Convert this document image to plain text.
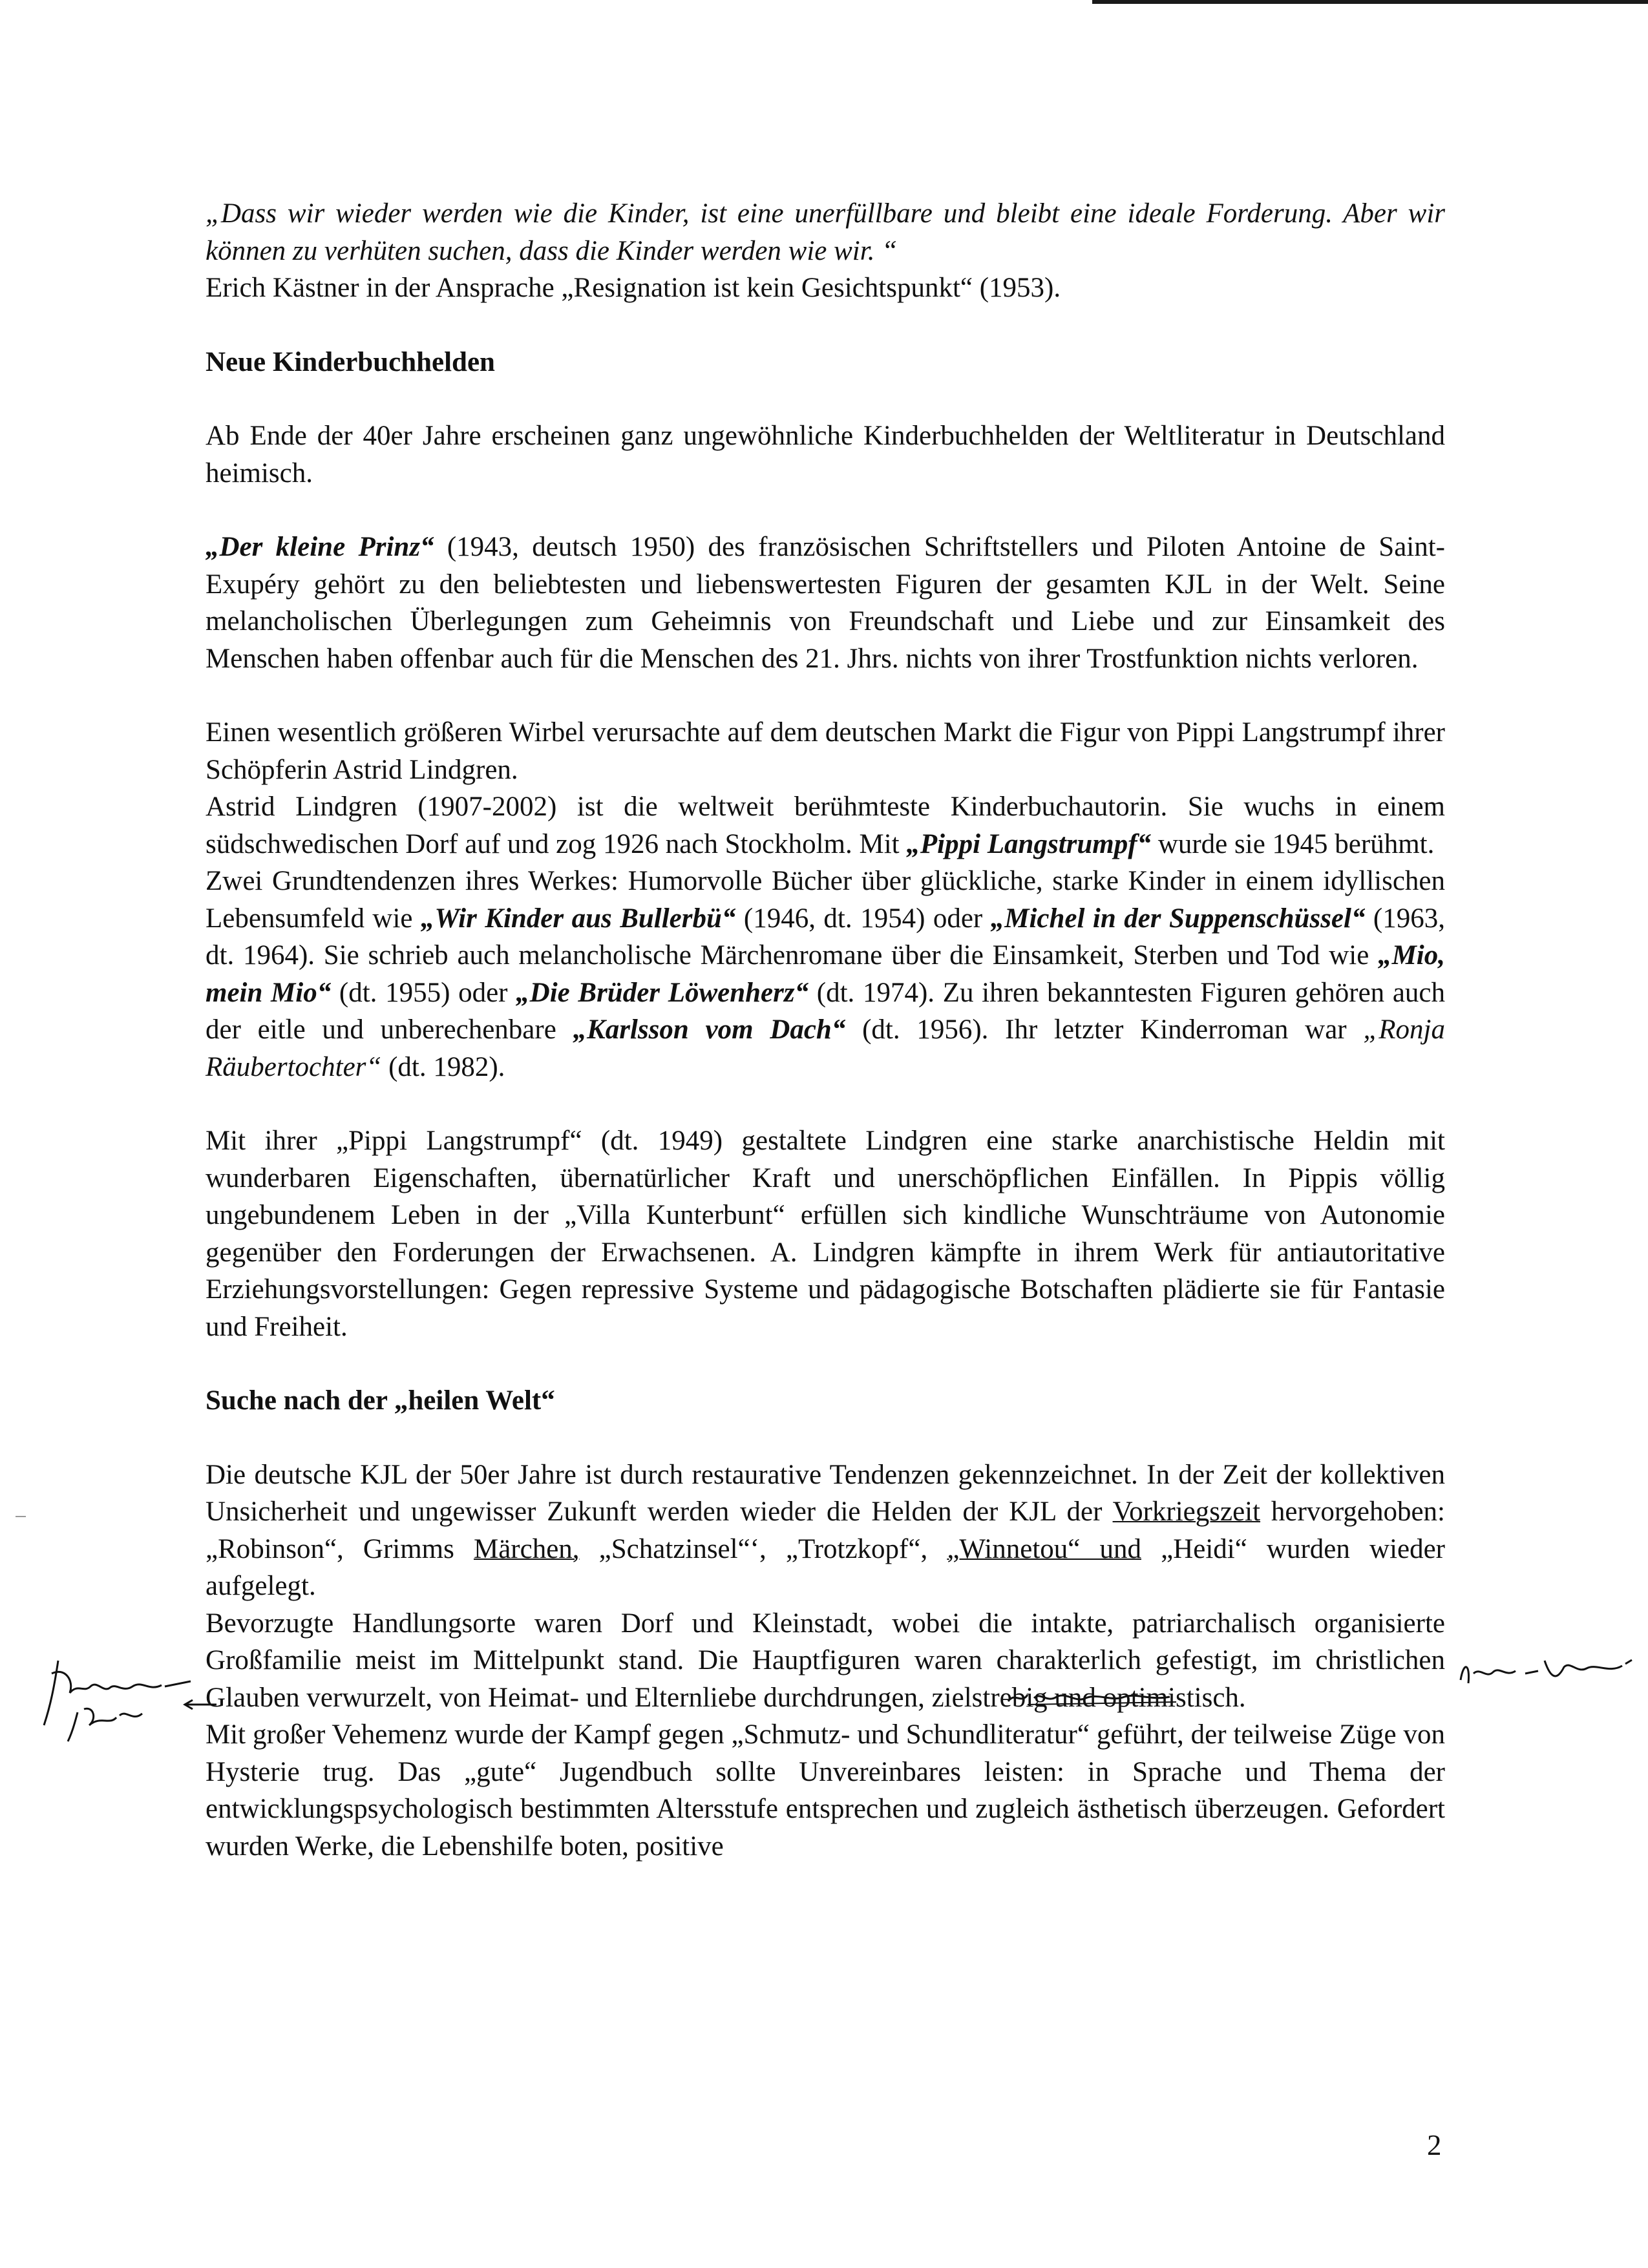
„Dass wir wieder werden wie die Kinder, ist eine unerfüllbare und bleibt eine ideale Forderung. Aber wir können zu verhüten suchen, dass die Kinder werden wie wir. “

Erich Kästner in der Ansprache „Resignation ist kein Gesichtspunkt“ (1953).

Neue Kinderbuchhelden

Ab Ende der 40er Jahre erscheinen ganz ungewöhnliche Kinderbuchhelden der Weltliteratur in Deutschland heimisch.

„Der kleine Prinz“ (1943, deutsch 1950) des französischen Schriftstellers und Piloten Antoine de Saint-Exupéry gehört zu den beliebtesten und liebenswertesten Figuren der gesamten KJL in der Welt. Seine melancholischen Überlegungen zum Geheimnis von Freundschaft und Liebe und zur Einsamkeit des Menschen haben offenbar auch für die Menschen des 21. Jhrs. nichts von ihrer Trostfunktion nichts verloren.

Einen wesentlich größeren Wirbel verursachte auf dem deutschen Markt die Figur von Pippi Langstrumpf ihrer Schöpferin Astrid Lindgren.

Astrid Lindgren (1907-2002) ist die weltweit berühmteste Kinderbuchautorin. Sie wuchs in einem südschwedischen Dorf auf und zog 1926 nach Stockholm. Mit „Pippi Langstrumpf“ wurde sie 1945 berühmt.

Zwei Grundtendenzen ihres Werkes: Humorvolle Bücher über glückliche, starke Kinder in einem idyllischen Lebensumfeld wie „Wir Kinder aus Bullerbü“ (1946, dt. 1954) oder „Michel in der Suppenschüssel“ (1963, dt. 1964). Sie schrieb auch melancholische Märchenromane über die Einsamkeit, Sterben und Tod wie „Mio, mein Mio“ (dt. 1955) oder „Die Brüder Löwenherz“ (dt. 1974). Zu ihren bekanntesten Figuren gehören auch der eitle und unberechenbare „Karlsson vom Dach“ (dt. 1956). Ihr letzter Kinderroman war „Ronja Räubertochter“ (dt. 1982).

Mit ihrer „Pippi Langstrumpf“ (dt. 1949) gestaltete Lindgren eine starke anarchistische Heldin mit wunderbaren Eigenschaften, übernatürlicher Kraft und unerschöpflichen Einfällen. In Pippis völlig ungebundenem Leben in der „Villa Kunterbunt“ erfüllen sich kindliche Wunschträume von Autonomie gegenüber den Forderungen der Erwachsenen. A. Lindgren kämpfte in ihrem Werk für antiautoritative Erziehungsvorstellungen: Gegen repressive Systeme und pädagogische Botschaften plädierte sie für Fantasie und Freiheit.

Suche nach der „heilen Welt“

Die deutsche KJL der 50er Jahre ist durch restaurative Tendenzen gekennzeichnet. In der Zeit der kollektiven Unsicherheit und ungewisser Zukunft werden wieder die Helden der KJL der Vorkriegszeit hervorgehoben: „Robinson“, Grimms Märchen, „Schatzinsel“‘, „Trotzkopf“, „Winnetou“ und „Heidi“ wurden wieder aufgelegt.

Bevorzugte Handlungsorte waren Dorf und Kleinstadt, wobei die intakte, patriarchalisch organisierte Großfamilie meist im Mittelpunkt stand. Die Hauptfiguren waren charakterlich gefestigt, im christlichen Glauben verwurzelt, von Heimat- und Elternliebe durchdrungen, zielstrebig und optimistisch.

Mit großer Vehemenz wurde der Kampf gegen „Schmutz- und Schundliteratur“ geführt, der teilweise Züge von Hysterie trug. Das „gute“ Jugendbuch sollte Unvereinbares leisten: in Sprache und Thema der entwicklungspsychologisch bestimmten Altersstufe entsprechen und zugleich ästhetisch überzeugen. Gefordert wurden Werke, die Lebenshilfe boten, positive

2
